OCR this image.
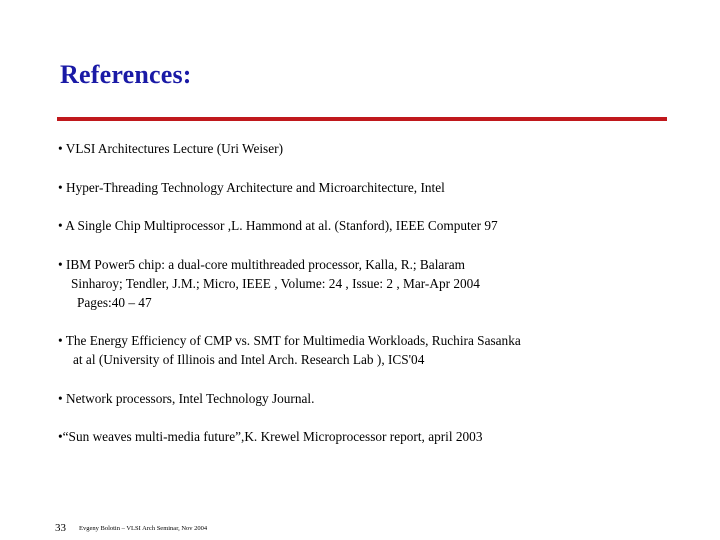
References:
• VLSI Architectures Lecture (Uri Weiser)
• Hyper-Threading Technology Architecture and Microarchitecture, Intel
• A Single Chip Multiprocessor ,L. Hammond at al. (Stanford), IEEE Computer 97
• IBM Power5 chip: a dual-core multithreaded processor, Kalla, R.; Balaram
Sinharoy; Tendler, J.M.; Micro, IEEE , Volume: 24 , Issue: 2 , Mar-Apr 2004
Pages:40 – 47
• The Energy Efficiency of CMP vs. SMT for Multimedia Workloads, Ruchira Sasanka
at al (University of Illinois and Intel Arch. Research Lab ), ICS'04
• Network processors, Intel Technology Journal.
•“Sun weaves multi-media future”,K. Krewel Microprocessor report, april 2003
33 Evgeny Bolotin – VLSI Arch Seminar, Nov 2004
